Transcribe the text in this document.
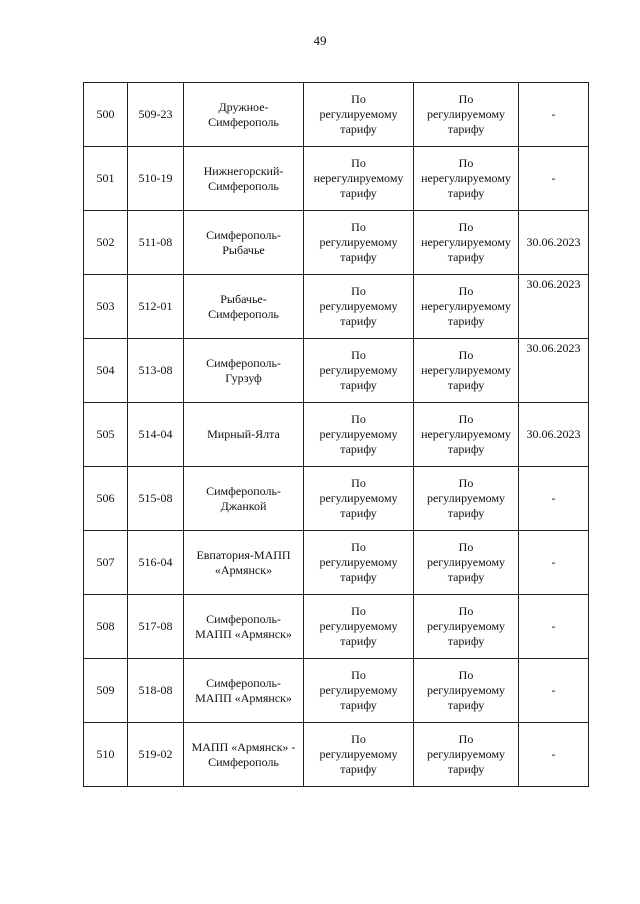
49
500	509-23	Дружное-
Симферополь	По
регулируемому
тарифу	По
регулируемому
тарифу	-

501	510-19	Нижнегорский-
Симферополь	По
нерегулируемому
тарифу	По
нерегулируемому
тарифу	-

502	511-08	Симферополь-
Рыбачье	По
регулируемому
тарифу	По
нерегулируемому
тарифу	30.06.2023

503	512-01	Рыбачье-
Симферополь	По
регулируемому
тарифу	По
нерегулируемому
тарифу	30.06.2023

504	513-08	Симферополь-
Гурзуф	По
регулируемому
тарифу	По
нерегулируемому
тарифу	30.06.2023

505	514-04	Мирный-Ялта	По
регулируемому
тарифу	По
нерегулируемому
тарифу	30.06.2023

506	515-08	Симферополь-
Джанкой	По
регулируемому
тарифу	По
регулируемому
тарифу	-

507	516-04	Евпатория-МАПП
«Армянск»	По
регулируемому
тарифу	По
регулируемому
тарифу	-

508	517-08	Симферополь-
МАПП «Армянск»	По
регулируемому
тарифу	По
регулируемому
тарифу	-

509	518-08	Симферополь-
МАПП «Армянск»	По
регулируемому
тарифу	По
регулируемому
тарифу	-

510	519-02	МАПП «Армянск» -
Симферополь	По
регулируемому
тарифу	По
регулируемому
тарифу	-
